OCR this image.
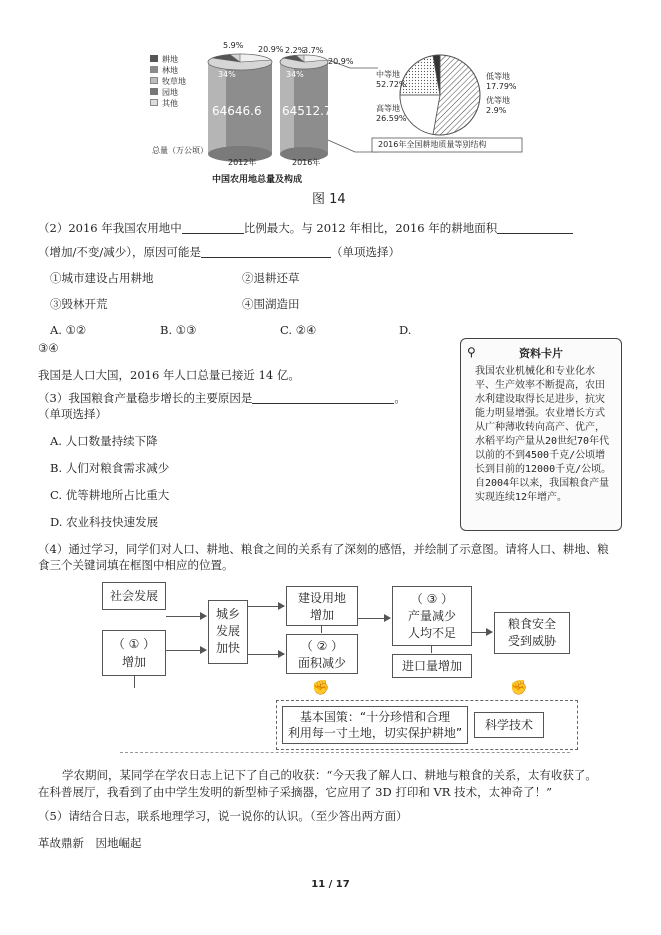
耕地
林地
牧草地
园地
其他
总量（万公顷）
64646.6
5.9% 20.9%
34%
2012年
64512.7
2.2%
3.7%
20.9%
34%
2016年
中等地
52.72%
高等地
26.59%
低等地
17.79%
优等地
2.9%
2016年全国耕地质量等别结构
中国农用地总量及构成
图 14
（2）2016 年我国农用地中	比例最大。与 2012 年相比，2016 年的耕地面积
（增加/不变/减少），原因可能是	（单项选择）
①城市建设占用耕地	②退耕还草
③毁林开荒	④围湖造田
A. ①②	B. ①③	C. ②④	D.
③④
我国是人口大国，2016 年人口总量已接近 14 亿。
（3）我国粮食产量稳步增长的主要原因是	。
（单项选择）
A. 人口数量持续下降
B. 人们对粮食需求减少
C. 优等耕地所占比重大
D. 农业科技快速发展
⚲	资料卡片
我国农业机械化和专业化水平、生产效率不断提高，农田水利建设取得长足进步，抗灾能力明显增强。农业增长方式从广种薄收转向高产、优产，水稻平均产量从20世纪70年代以前的不到4500千克/公顷增长到目前的12000千克/公顷。自2004年以来，我国粮食产量实现连续12年增产。
（4）通过学习，同学们对人口、耕地、粮食之间的关系有了深刻的感悟，并绘制了示意图。请将人口、耕地、粮
食三个关键词填在框图中相应的位置。
社会发展
（ ① ）
增加
城乡
发展
加快
建设用地
增加
（ ② ）
面积减少
（ ③ ）
产量减少
人均不足
进口量增加
粮食安全
受到威胁
✊	✊
基本国策：“十分珍惜和合理
利用每一寸土地，切实保护耕地”
科学技术
学农期间，某同学在学农日志上记下了自己的收获：“今天我了解人口、耕地与粮食的关系，太有收获了。
在科普展厅，我看到了由中学生发明的新型柿子采摘器，它应用了 3D 打印和 VR 技术，太神奇了！”
（5）请结合日志，联系地理学习，说一说你的认识。（至少答出两方面）
革故鼎新　因地崛起
11 / 17
